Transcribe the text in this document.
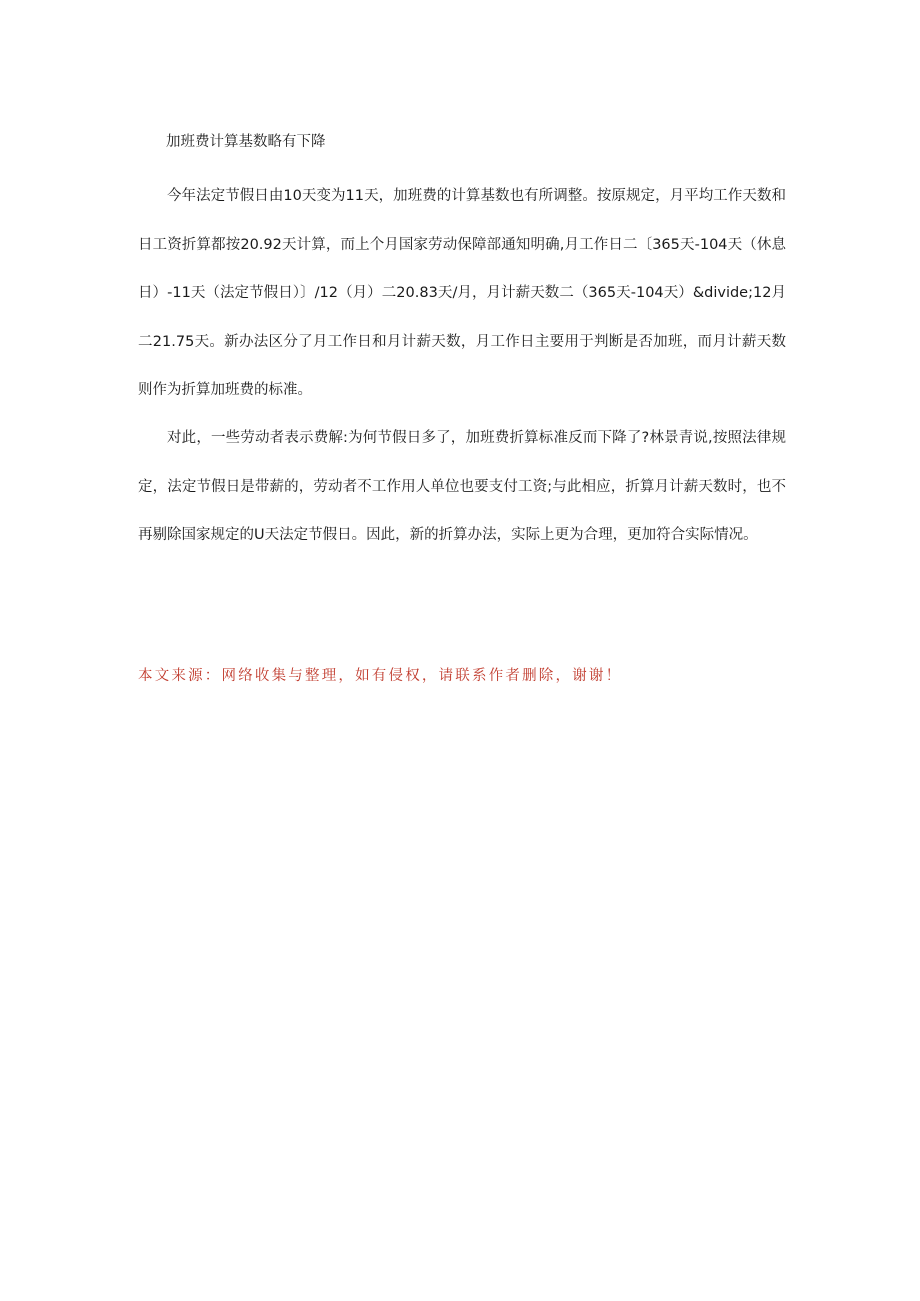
加班费计算基数略有下降

今年法定节假日由10天变为11天，加班费的计算基数也有所调整。按原规定，月平均工作天数和日工资折算都按20.92天计算，而上个月国家劳动保障部通知明确,月工作日二〔365天-104天（休息日）-11天（法定节假日）〕/12（月）二20.83天/月，月计薪天数二（365天-104天）&divide;12月二21.75天。新办法区分了月工作日和月计薪天数，月工作日主要用于判断是否加班，而月计薪天数则作为折算加班费的标准。

对此，一些劳动者表示费解:为何节假日多了，加班费折算标准反而下降了?林景青说,按照法律规定，法定节假日是带薪的，劳动者不工作用人单位也要支付工资;与此相应，折算月计薪天数时，也不再剔除国家规定的U天法定节假日。因此，新的折算办法，实际上更为合理，更加符合实际情况。

本文来源：网络收集与整理，如有侵权，请联系作者删除，谢谢！
